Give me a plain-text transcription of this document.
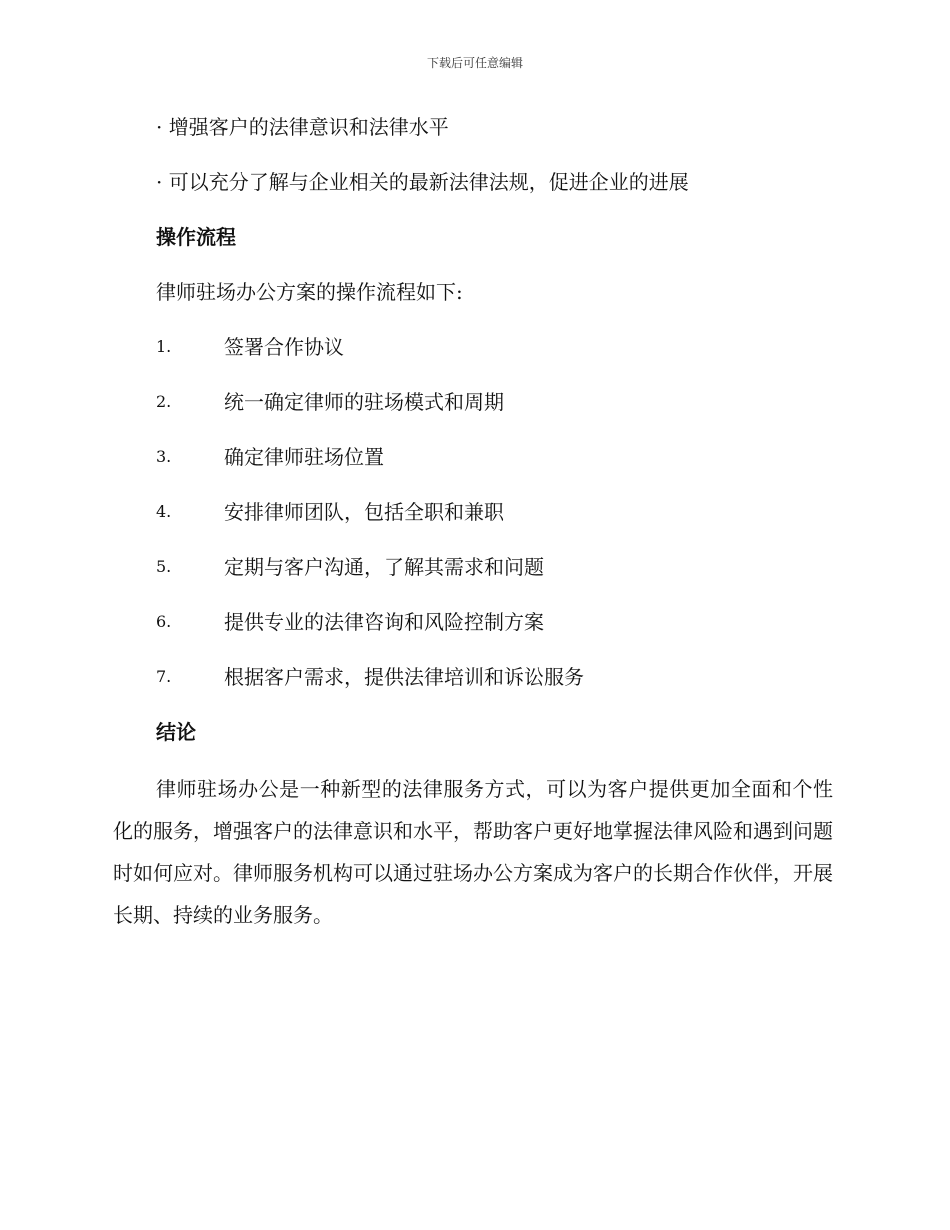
下载后可任意编辑
· 增强客户的法律意识和法律水平
· 可以充分了解与企业相关的最新法律法规，促进企业的进展
操作流程
律师驻场办公方案的操作流程如下:
1.	签署合作协议
2.	统一确定律师的驻场模式和周期
3.	确定律师驻场位置
4.	安排律师团队，包括全职和兼职
5.	定期与客户沟通，了解其需求和问题
6.	提供专业的法律咨询和风险控制方案
7.	根据客户需求，提供法律培训和诉讼服务
结论

律师驻场办公是一种新型的法律服务方式，可以为客户提供更加全面和个性化的服务，增强客户的法律意识和水平，帮助客户更好地掌握法律风险和遇到问题时如何应对。律师服务机构可以通过驻场办公方案成为客户的长期合作伙伴，开展长期、持续的业务服务。
